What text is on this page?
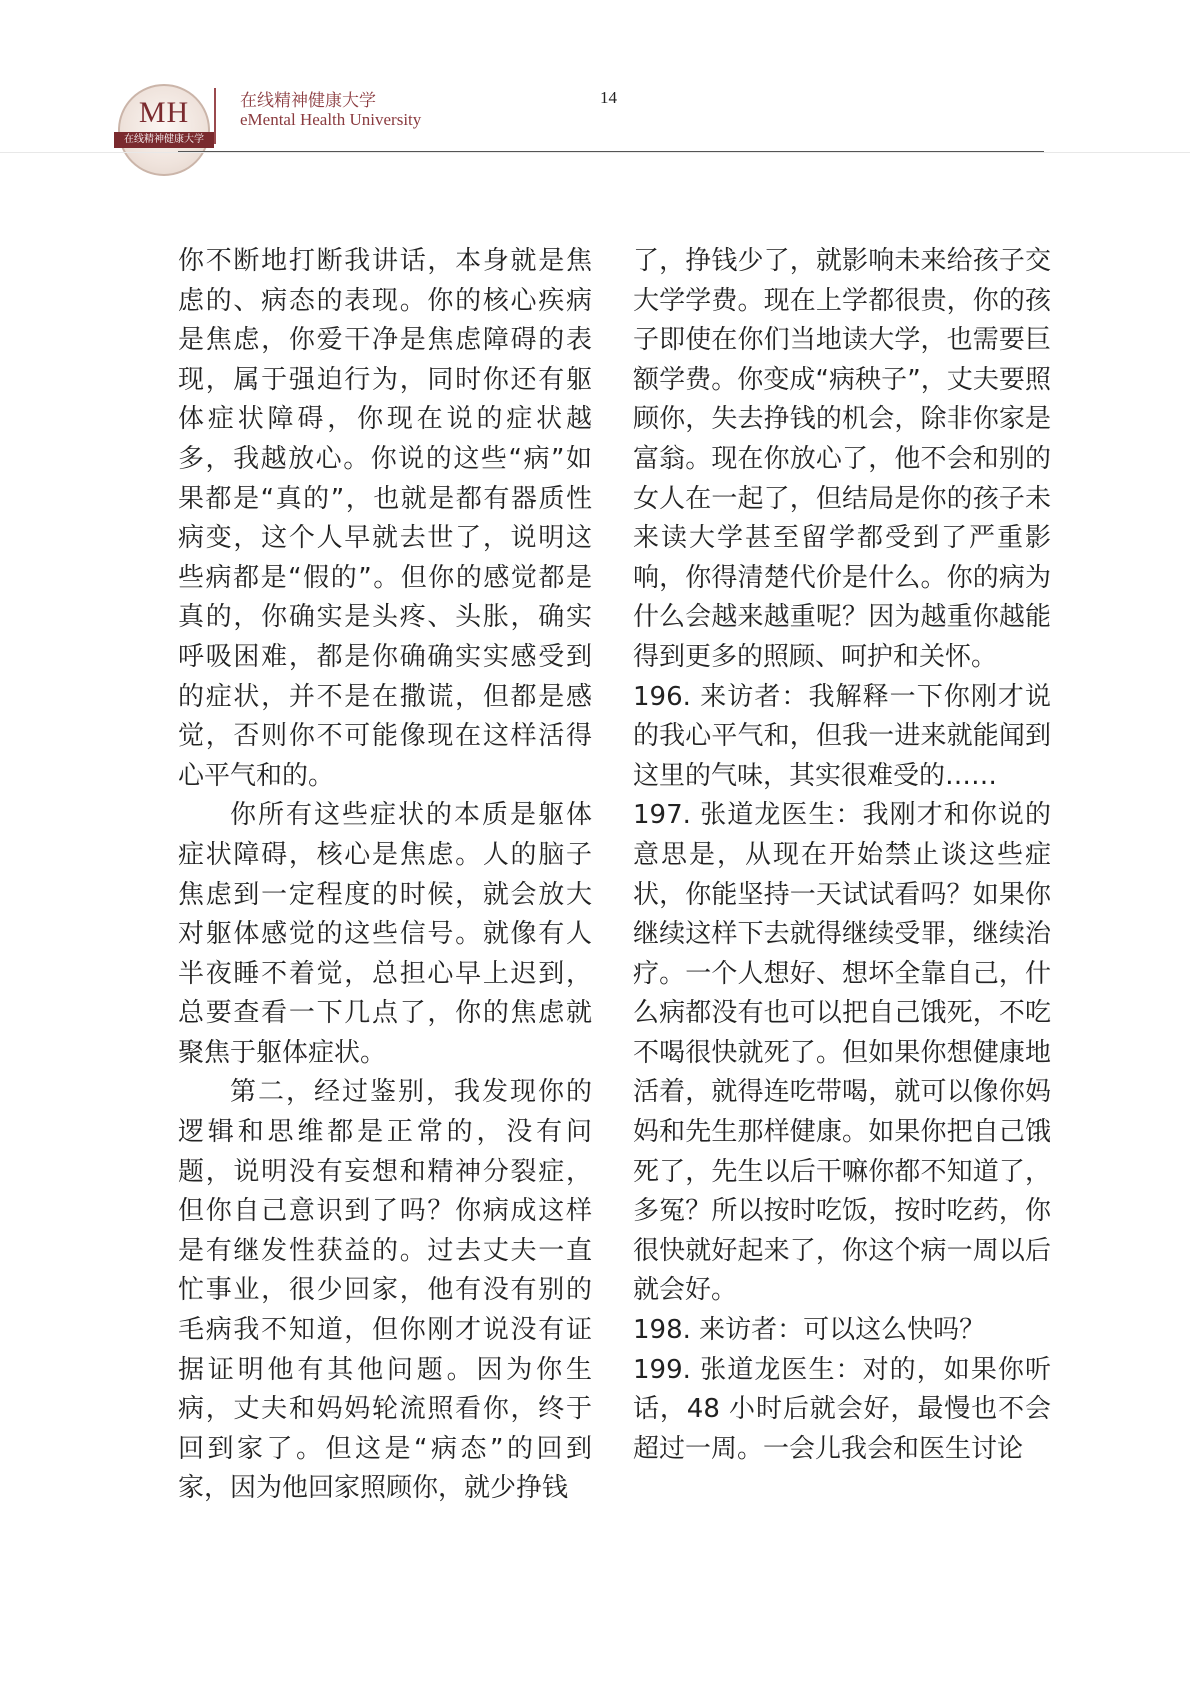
MH
在线精神健康大学
在线精神健康大学
eMental Health University
14

你不断地打断我讲话，本身就是焦虑的、病态的表现。你的核心疾病是焦虑，你爱干净是焦虑障碍的表现，属于强迫行为，同时你还有躯体症状障碍，你现在说的症状越多，我越放心。你说的这些“病”如果都是“真的”，也就是都有器质性病变，这个人早就去世了，说明这些病都是“假的”。但你的感觉都是真的，你确实是头疼、头胀，确实呼吸困难，都是你确确实实感受到的症状，并不是在撒谎，但都是感觉，否则你不可能像现在这样活得心平气和的。

你所有这些症状的本质是躯体症状障碍，核心是焦虑。人的脑子焦虑到一定程度的时候，就会放大对躯体感觉的这些信号。就像有人半夜睡不着觉，总担心早上迟到，总要查看一下几点了，你的焦虑就聚焦于躯体症状。

第二，经过鉴别，我发现你的逻辑和思维都是正常的，没有问题，说明没有妄想和精神分裂症，但你自己意识到了吗？你病成这样是有继发性获益的。过去丈夫一直忙事业，很少回家，他有没有别的毛病我不知道，但你刚才说没有证据证明他有其他问题。因为你生病，丈夫和妈妈轮流照看你，终于回到家了。但这是“病态”的回到家，因为他回家照顾你，就少挣钱

了，挣钱少了，就影响未来给孩子交大学学费。现在上学都很贵，你的孩子即使在你们当地读大学，也需要巨额学费。你变成“病秧子”，丈夫要照顾你，失去挣钱的机会，除非你家是富翁。现在你放心了，他不会和别的女人在一起了，但结局是你的孩子未来读大学甚至留学都受到了严重影响，你得清楚代价是什么。你的病为什么会越来越重呢？因为越重你越能得到更多的照顾、呵护和关怀。

196. 来访者：我解释一下你刚才说的我心平气和，但我一进来就能闻到这里的气味，其实很难受的……

197. 张道龙医生：我刚才和你说的意思是，从现在开始禁止谈这些症状，你能坚持一天试试看吗？如果你继续这样下去就得继续受罪，继续治疗。一个人想好、想坏全靠自己，什么病都没有也可以把自己饿死，不吃不喝很快就死了。但如果你想健康地活着，就得连吃带喝，就可以像你妈妈和先生那样健康。如果你把自己饿死了，先生以后干嘛你都不知道了，多冤？所以按时吃饭，按时吃药，你很快就好起来了，你这个病一周以后就会好。

198. 来访者：可以这么快吗？

199. 张道龙医生：对的，如果你听话，48 小时后就会好，最慢也不会超过一周。一会儿我会和医生讨论
